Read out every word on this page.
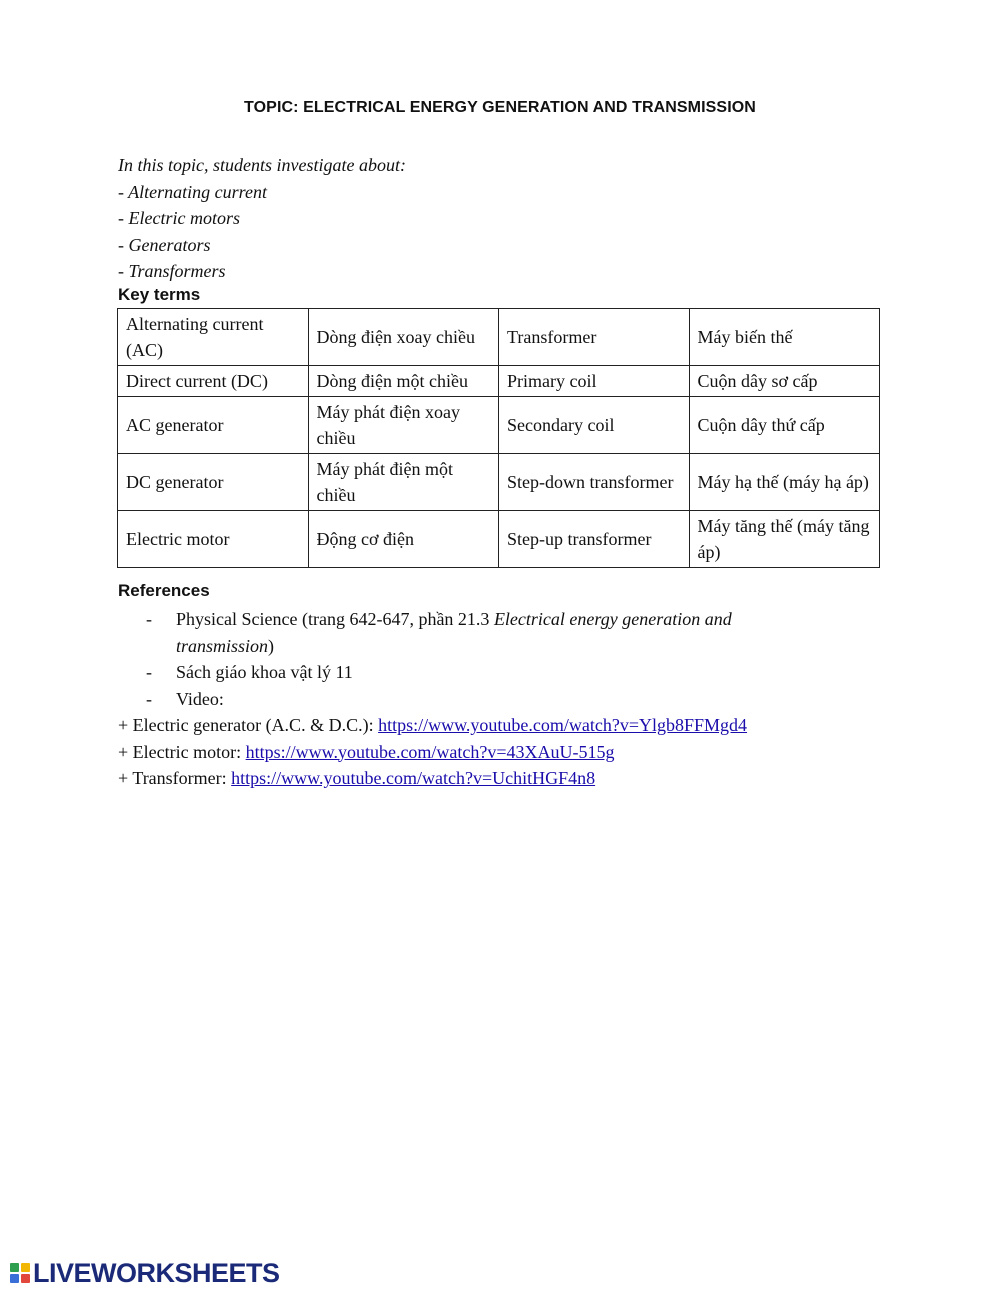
TOPIC: ELECTRICAL ENERGY GENERATION AND TRANSMISSION
In this topic, students investigate about:
- Alternating current
- Electric motors
- Generators
- Transformers
Key terms
Alternating current (AC)	Dòng điện xoay chiều	Transformer	Máy biến thế
Direct current (DC)	Dòng điện một chiều	Primary coil	Cuộn dây sơ cấp
AC generator	Máy phát điện xoay chiều	Secondary coil	Cuộn dây thứ cấp
DC generator	Máy phát điện một chiều	Step-down transformer	Máy hạ thế (máy hạ áp)
Electric motor	Động cơ điện	Step-up transformer	Máy tăng thế (máy tăng áp)
References
- Physical Science (trang 642-647, phần 21.3 Electrical energy generation and transmission)
- Sách giáo khoa vật lý 11
- Video:
+ Electric generator (A.C. & D.C.): https://www.youtube.com/watch?v=Ylgb8FFMgd4
+ Electric motor: https://www.youtube.com/watch?v=43XAuU-515g
+ Transformer: https://www.youtube.com/watch?v=UchitHGF4n8
LIVEWORKSHEETS
